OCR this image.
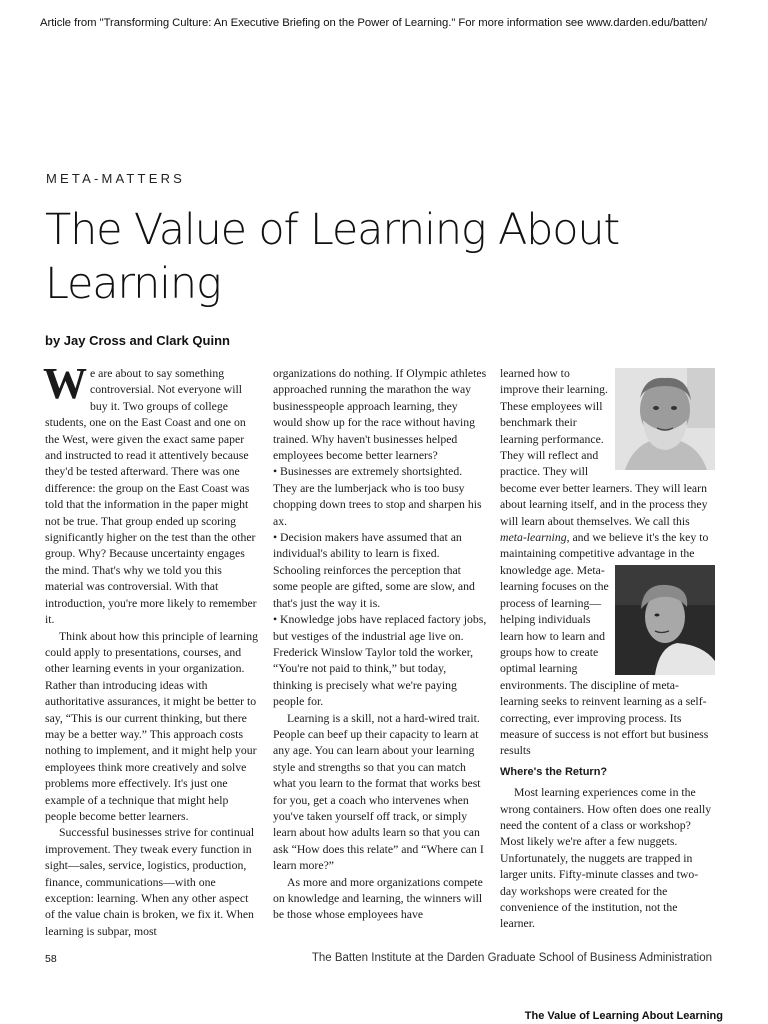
Article from "Transforming Culture: An Executive Briefing on the Power of Learning." For more information see www.darden.edu/batten/
META-MATTERS
The Value of Learning About Learning
by Jay Cross and Clark Quinn

We are about to say something controversial. Not everyone will buy it. Two groups of college students, one on the East Coast and one on the West, were given the exact same paper and instructed to read it attentively because they'd be tested afterward. There was one difference: the group on the East Coast was told that the information in the paper might not be true. That group ended up scoring significantly higher on the test than the other group. Why? Because uncertainty engages the mind. That's why we told you this material was controversial. With that introduction, you're more likely to remember it.

Think about how this principle of learning could apply to presentations, courses, and other learning events in your organization. Rather than introducing ideas with authoritative assurances, it might be better to say, “This is our current thinking, but there may be a better way.” This approach costs nothing to implement, and it might help your employees think more creatively and solve problems more effectively. It's just one example of a technique that might help people become better learners.

Successful businesses strive for continual improvement. They tweak every function in sight—sales, service, logistics, production, finance, communications—with one exception: learning. When any other aspect of the value chain is broken, we fix it. When learning is subpar, most

organizations do nothing. If Olympic athletes approached running the marathon the way businesspeople approach learning, they would show up for the race without having trained. Why haven't businesses helped employees become better learners?

• Businesses are extremely shortsighted. They are the lumberjack who is too busy chopping down trees to stop and sharpen his ax.

• Decision makers have assumed that an individual's ability to learn is fixed. Schooling reinforces the perception that some people are gifted, some are slow, and that's just the way it is.

• Knowledge jobs have replaced factory jobs, but vestiges of the industrial age live on. Frederick Winslow Taylor told the worker, “You're not paid to think,” but today, thinking is precisely what we're paying people for.

Learning is a skill, not a hard-wired trait. People can beef up their capacity to learn at any age. You can learn about your learning style and strengths so that you can match what you learn to the format that works best for you, get a coach who intervenes when you've taken yourself off track, or simply learn about how adults learn so that you can ask “How does this relate” and “Where can I learn more?”

As more and more organizations compete on knowledge and learning, the winners will be those whose employees have

learned how to improve their learning. These employees will benchmark their learning performance. They will reflect and practice. They will become ever better learners. They will learn about learning itself, and in the process they will learn about themselves. We call this meta-learning, and we believe it's the key to maintaining competitive advantage in the knowledge age. Meta-
learning focuses on the process of learning—helping individuals learn how to learn and groups how to create optimal learning environments. The discipline of meta-learning seeks to reinvent learning as a self-correcting, ever improving process. Its measure of success is not effort but business results

Where's the Return?

Most learning experiences come in the wrong containers. How often does one really need the content of a class or workshop? Most likely we're after a few nuggets. Unfortunately, the nuggets are trapped in larger units. Fifty-minute classes and two-day workshops were created for the convenience of the institution, not the learner.

58	The Batten Institute at the Darden Graduate School of Business Administration
The Value of Learning About Learning
